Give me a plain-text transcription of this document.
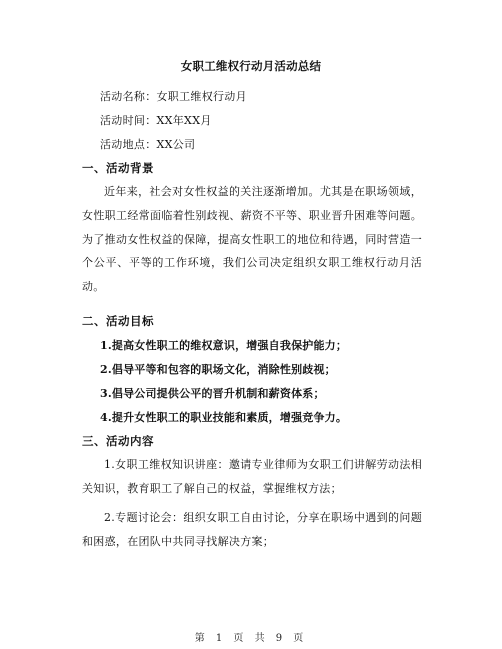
女职工维权行动月活动总结
活动名称：女职工维权行动月
活动时间：XX年XX月
活动地点：XX公司
一、活动背景

近年来，社会对女性权益的关注逐渐增加。尤其是在职场领域，女性职工经常面临着性别歧视、薪资不平等、职业晋升困难等问题。为了推动女性权益的保障，提高女性职工的地位和待遇，同时营造一个公平、平等的工作环境，我们公司决定组织女职工维权行动月活动。

二、活动目标
1.提高女性职工的维权意识，增强自我保护能力；
2.倡导平等和包容的职场文化，消除性别歧视；
3.倡导公司提供公平的晋升机制和薪资体系；
4.提升女性职工的职业技能和素质，增强竞争力。
三、活动内容

1.女职工维权知识讲座：邀请专业律师为女职工们讲解劳动法相关知识，教育职工了解自己的权益，掌握维权方法；

2.专题讨论会：组织女职工自由讨论，分享在职场中遇到的问题和困惑，在团队中共同寻找解决方案；

第 1 页 共 9 页
